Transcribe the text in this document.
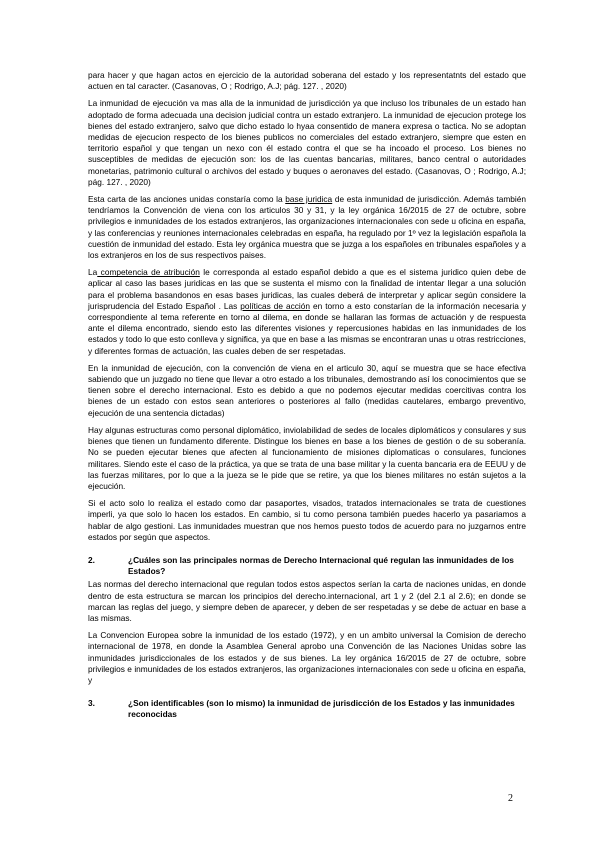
para hacer y que hagan actos en ejercicio de la autoridad soberana del estado y los representatnts del estado que actuen en tal caracter. (Casanovas, O ; Rodrigo, A.J; pág. 127. , 2020)

La inmunidad de ejecución va mas alla de la inmunidad de jurisdicción ya que incluso los tribunales de un estado han adoptado de forma adecuada una decision judicial contra un estado extranjero. La inmunidad de ejecucion protege los bienes del estado extranjero, salvo que dicho estado lo hyaa consentido de manera expresa o tactica. No se adoptan medidas de ejecucion respecto de los bienes publicos no comerciales del estado extranjero, siempre que esten en territorio español y que tengan un nexo con él estado contra el que se ha incoado el proceso. Los bienes no susceptibles de medidas de ejecución son: los de las cuentas bancarias, militares, banco central o autoridades monetarias, patrimonio cultural o archivos del estado y buques o aeronaves del estado. (Casanovas, O ; Rodrigo, A.J; pág. 127. , 2020)

Esta carta de las anciones unidas constaría como la base juridica de esta inmunidad de jurisdicción. Además también tendríamos la Convención de viena con los articulos 30 y 31, y la ley orgánica 16/2015 de 27 de octubre, sobre privilegios e inmunidades de los estados extranjeros, las organizaciones internacionales con sede u oficina en españa, y las conferencias y reuniones internacionales celebradas en españa, ha regulado por 1º vez la legislación española la cuestión de inmunidad del estado. Esta ley orgánica muestra que se juzga a los españoles en tribunales españoles y a los extranjeros en los de sus respectivos paises.

La competencia de atribución le corresponda al estado español debido a que es el sistema juridico quien debe de aplicar al caso las bases juridicas en las que se sustenta el mismo con la finalidad de intentar llegar a una solución para el problema basandonos en esas bases juridicas, las cuales deberá de interpretar y aplicar según considere la jurisprudencia del Estado Español . Las políticas de acción en torno a esto constarían de la información necesaria y correspondiente al tema referente en torno al dilema, en donde se hallaran las formas de actuación y de respuesta ante el dilema encontrado, siendo esto las diferentes visiones y repercusiones habidas en las inmunidades de los estados y todo lo que esto conlleva y significa, ya que en base a las mismas se encontraran unas u otras restricciones, y diferentes formas de actuación, las cuales deben de ser respetadas.

En la inmunidad de ejecución, con la convención de viena en el articulo 30, aquí se muestra que se hace efectiva sabiendo que un juzgado no tiene que llevar a otro estado a los tribunales, demostrando así los conocimientos que se tienen sobre el derecho internacional. Esto es debido a que no podemos ejecutar medidas coercitivas contra los bienes de un estado con estos sean anteriores o posteriores al fallo (medidas cautelares, embargo preventivo, ejecución de una sentencia dictadas)

Hay algunas estructuras como personal diplomático, inviolabilidad de sedes de locales diplomáticos y consulares y sus bienes que tienen un fundamento diferente. Distingue los bienes en base a los bienes de gestión o de su soberanía. No se pueden ejecutar bienes que afecten al funcionamiento de misiones diplomaticas o consulares, funciones militares. Siendo este el caso de la práctica, ya que se trata de una base militar y la cuenta bancaria era de EEUU y de las fuerzas militares, por lo que a la jueza se le pide que se retire, ya que los bienes militares no están sujetos a la ejecución.

Si el acto solo lo realiza el estado como dar pasaportes, visados, tratados internacionales se trata de cuestiones imperli, ya que solo lo hacen los estados. En cambio, si tu como persona también puedes hacerlo ya pasariamos a hablar de algo gestioni. Las inmunidades muestran que nos hemos puesto todos de acuerdo para no juzgarnos entre estados por según que aspectos.

2.	¿Cuáles son las principales normas de Derecho Internacional qué regulan las inmunidades de los Estados?

Las normas del derecho internacional que regulan todos estos aspectos serían la carta de naciones unidas, en donde dentro de esta estructura se marcan los principios del derecho.internacional, art 1 y 2 (del 2.1 al 2.6); en donde se marcan las reglas del juego, y siempre deben de aparecer, y deben de ser respetadas y se debe de actuar en base a las mismas.

La Convencion Europea sobre la inmunidad de los estado (1972), y en un ambito universal la Comision de derecho internacional de 1978, en donde la Asamblea General aprobo una Convención de las Naciones Unidas sobre las inmunidades jurisdiccionales de los estados y de sus bienes. La ley orgánica 16/2015 de 27 de octubre, sobre privilegios e inmunidades de los estados extranjeros, las organizaciones internacionales con sede u oficina en españa, y

3.	¿Son identificables (son lo mismo) la inmunidad de jurisdicción de los Estados y las inmunidades reconocidas
2
